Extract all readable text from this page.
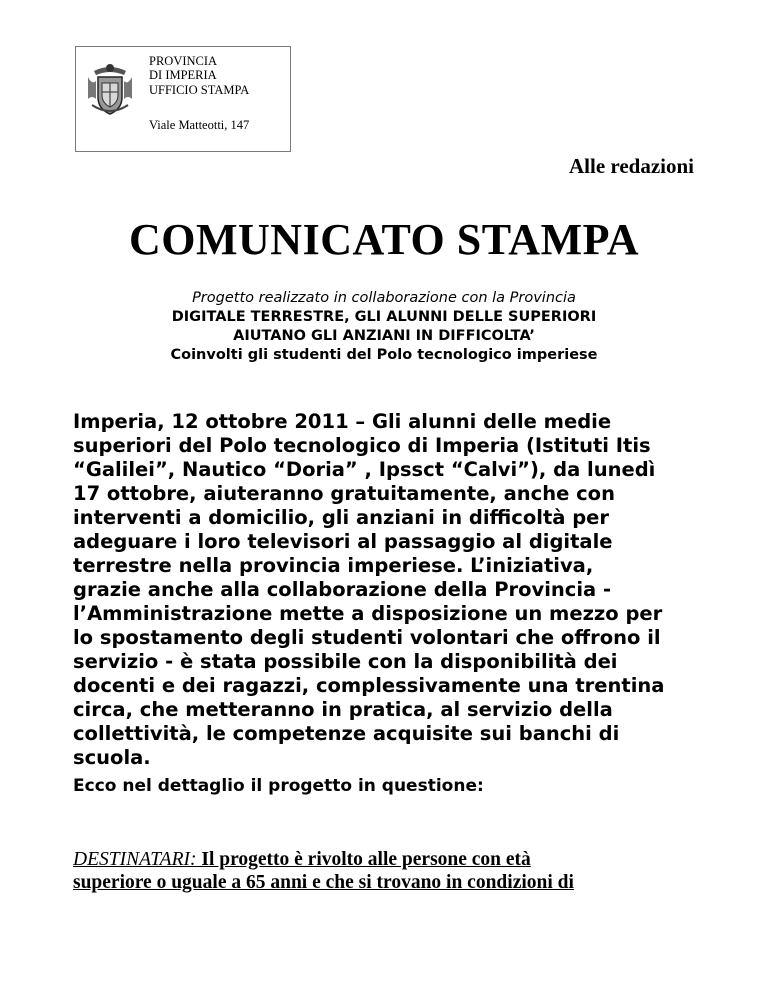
PROVINCIA
DI IMPERIA
UFFICIO STAMPA
Viale Matteotti, 147
Alle redazioni
COMUNICATO STAMPA
Progetto realizzato in collaborazione con la Provincia
DIGITALE TERRESTRE, GLI ALUNNI DELLE SUPERIORI
AIUTANO GLI ANZIANI IN DIFFICOLTA’
Coinvolti gli studenti del Polo tecnologico imperiese
Imperia, 12 ottobre 2011 – Gli alunni delle medie
superiori del Polo tecnologico di Imperia (Istituti Itis
“Galilei”, Nautico “Doria” , Ipssct “Calvi”), da lunedì
17 ottobre, aiuteranno gratuitamente, anche con
interventi a domicilio, gli anziani in difficoltà per
adeguare i loro televisori al passaggio al digitale
terrestre nella provincia imperiese. L’iniziativa,
grazie anche alla collaborazione della Provincia -
l’Amministrazione mette a disposizione un mezzo per
lo spostamento degli studenti volontari che offrono il
servizio - è stata possibile con la disponibilità dei
docenti e dei ragazzi, complessivamente una trentina
circa, che metteranno in pratica, al servizio della
collettività, le competenze acquisite sui banchi di
scuola.
Ecco nel dettaglio il progetto in questione:
DESTINATARI: Il progetto è rivolto alle persone con età
superiore o uguale a 65 anni e che si trovano in condizioni di
